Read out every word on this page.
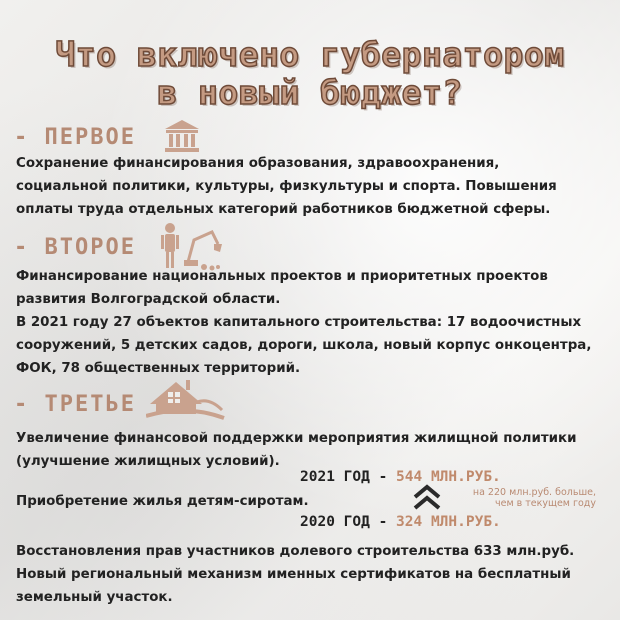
Что включено губернатором
в новый бюджет?
- ПЕРВОЕ
Сохранение финансирования образования, здравоохранения,
социальной политики, культуры, физкультуры и спорта. Повышения
оплаты труда отдельных категорий работников бюджетной сферы.
- ВТОРОЕ
Финансирование национальных проектов и приоритетных проектов
развития Волгоградской области.
В 2021 году 27 объектов капитального строительства: 17 водоочистных
сооружений, 5 детских садов, дороги, школа, новый корпус онкоцентра,
ФОК, 78 общественных территорий.
- ТРЕТЬЕ
Увеличение финансовой поддержки мероприятия жилищной политики
(улучшение жилищных условий).
2021 ГОД - 544 МЛН.РУБ.
Приобретение жилья детям-сиротам.
на 220 млн.руб. больше,
чем в текущем году
2020 ГОД - 324 МЛН.РУБ.
Восстановления прав участников долевого строительства 633 млн.руб.
Новый региональный механизм именных сертификатов на бесплатный
земельный участок.
